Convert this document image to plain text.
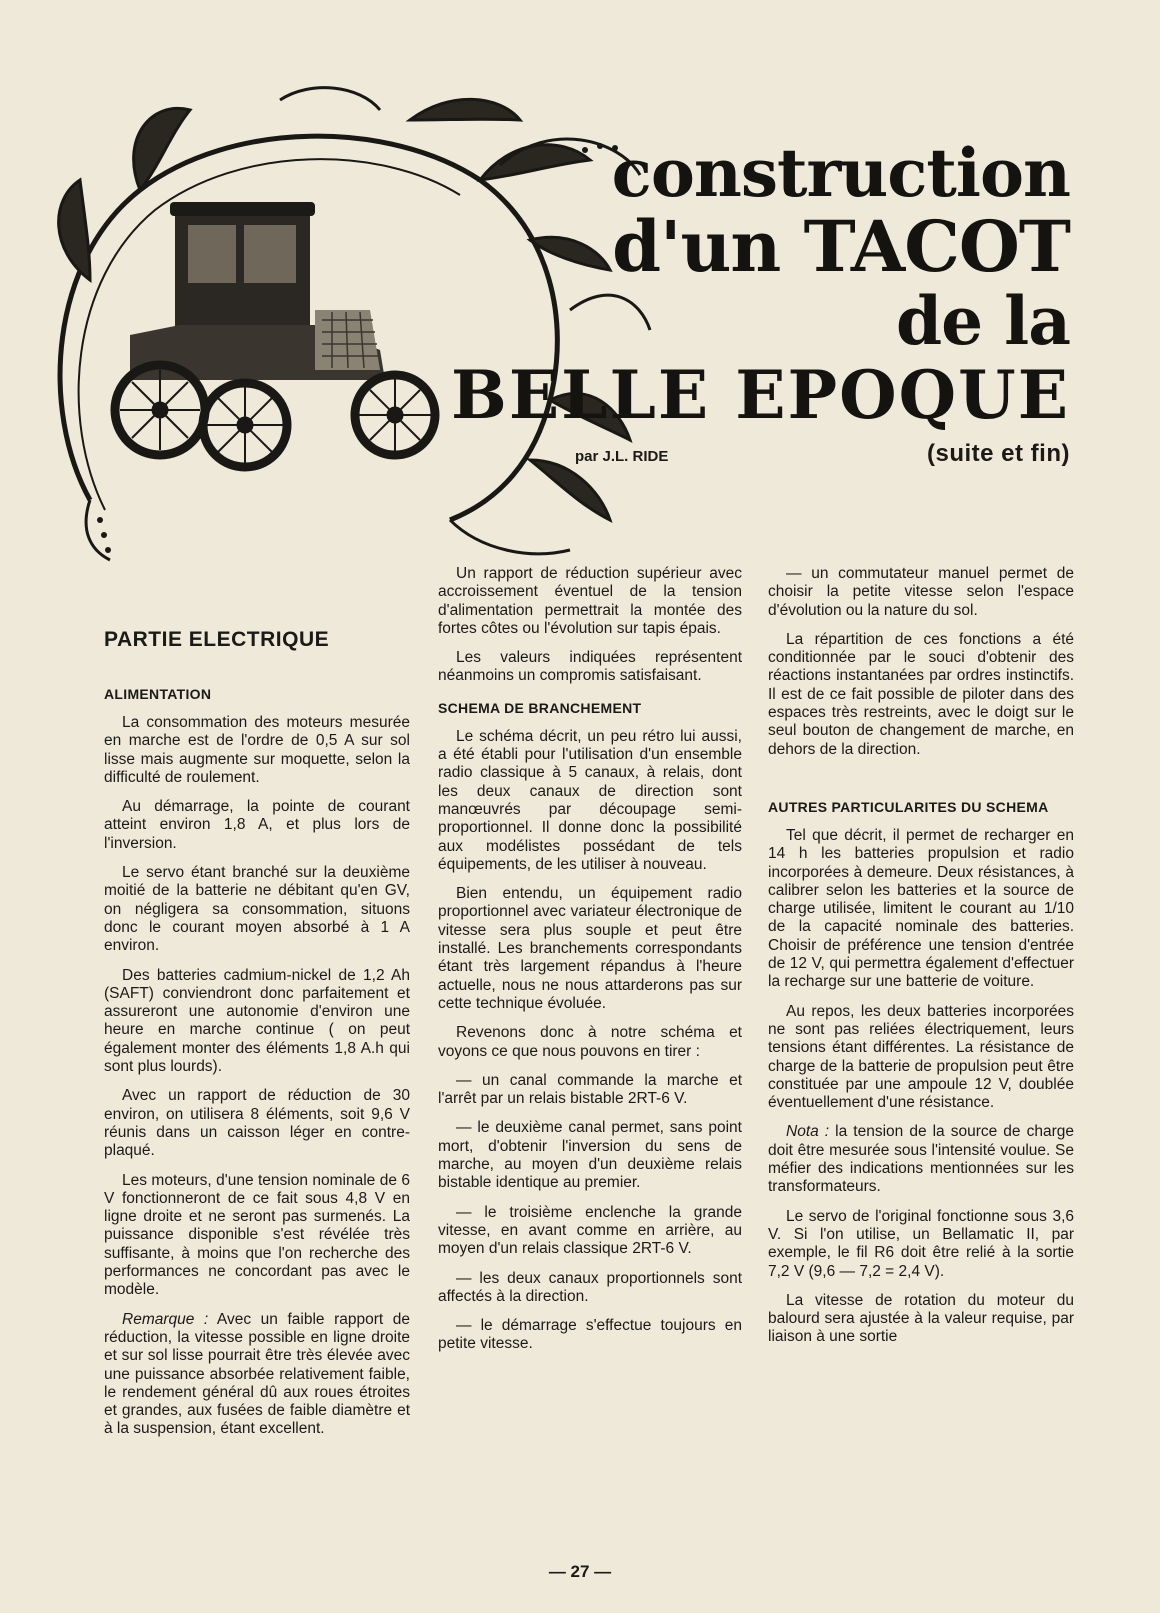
construction
d'un TACOT
de la
BELLE EPOQUE
par J.L. RIDE	(suite et fin)
PARTIE ELECTRIQUE

ALIMENTATION

La consommation des moteurs mesurée en marche est de l'ordre de 0,5 A sur sol lisse mais augmente sur moquette, selon la difficulté de roulement.

Au démarrage, la pointe de courant atteint environ 1,8 A, et plus lors de l'inversion.

Le servo étant branché sur la deuxième moitié de la batterie ne débitant qu'en GV, on négligera sa consommation, situons donc le courant moyen absorbé à 1 A environ.

Des batteries cadmium-nickel de 1,2 Ah (SAFT) conviendront donc parfaitement et assureront une autonomie d'environ une heure en marche continue ( on peut également monter des éléments 1,8 A.h qui sont plus lourds).

Avec un rapport de réduction de 30 environ, on utilisera 8 éléments, soit 9,6 V réunis dans un caisson léger en contre-plaqué.

Les moteurs, d'une tension nominale de 6 V fonctionneront de ce fait sous 4,8 V en ligne droite et ne seront pas surmenés. La puissance disponible s'est révélée très suffisante, à moins que l'on recherche des performances ne concordant pas avec le modèle.

Remarque : Avec un faible rapport de réduction, la vitesse possible en ligne droite et sur sol lisse pourrait être très élevée avec une puissance absorbée relativement faible, le rendement général dû aux roues étroites et grandes, aux fusées de faible diamètre et à la suspension, étant excellent.

Un rapport de réduction supérieur avec accroissement éventuel de la tension d'alimentation permettrait la montée des fortes côtes ou l'évolution sur tapis épais.

Les valeurs indiquées représentent néanmoins un compromis satisfaisant.

SCHEMA DE BRANCHEMENT

Le schéma décrit, un peu rétro lui aussi, a été établi pour l'utilisation d'un ensemble radio classique à 5 canaux, à relais, dont les deux canaux de direction sont manœuvrés par découpage semi-proportionnel. Il donne donc la possibilité aux modélistes possédant de tels équipements, de les utiliser à nouveau.

Bien entendu, un équipement radio proportionnel avec variateur électronique de vitesse sera plus souple et peut être installé. Les branchements correspondants étant très largement répandus à l'heure actuelle, nous ne nous attarderons pas sur cette technique évoluée.

Revenons donc à notre schéma et voyons ce que nous pouvons en tirer :

— un canal commande la marche et l'arrêt par un relais bistable 2RT-6 V.

— le deuxième canal permet, sans point mort, d'obtenir l'inversion du sens de marche, au moyen d'un deuxième relais bistable identique au premier.

— le troisième enclenche la grande vitesse, en avant comme en arrière, au moyen d'un relais classique 2RT-6 V.

— les deux canaux proportionnels sont affectés à la direction.

— le démarrage s'effectue toujours en petite vitesse.

— un commutateur manuel permet de choisir la petite vitesse selon l'espace d'évolution ou la nature du sol.

La répartition de ces fonctions a été conditionnée par le souci d'obtenir des réactions instantanées par ordres instinctifs. Il est de ce fait possible de piloter dans des espaces très restreints, avec le doigt sur le seul bouton de changement de marche, en dehors de la direction.

AUTRES PARTICULARITES DU SCHEMA

Tel que décrit, il permet de recharger en 14 h les batteries propulsion et radio incorporées à demeure. Deux résistances, à calibrer selon les batteries et la source de charge utilisée, limitent le courant au 1/10 de la capacité nominale des batteries. Choisir de préférence une tension d'entrée de 12 V, qui permettra également d'effectuer la recharge sur une batterie de voiture.

Au repos, les deux batteries incorporées ne sont pas reliées électriquement, leurs tensions étant différentes. La résistance de charge de la batterie de propulsion peut être constituée par une ampoule 12 V, doublée éventuellement d'une résistance.

Nota : la tension de la source de charge doit être mesurée sous l'intensité voulue. Se méfier des indications mentionnées sur les transformateurs.

Le servo de l'original fonctionne sous 3,6 V. Si l'on utilise, un Bellamatic II, par exemple, le fil R6 doit être relié à la sortie 7,2 V (9,6 — 7,2 = 2,4 V).

La vitesse de rotation du moteur du balourd sera ajustée à la valeur requise, par liaison à une sortie

— 27 —
